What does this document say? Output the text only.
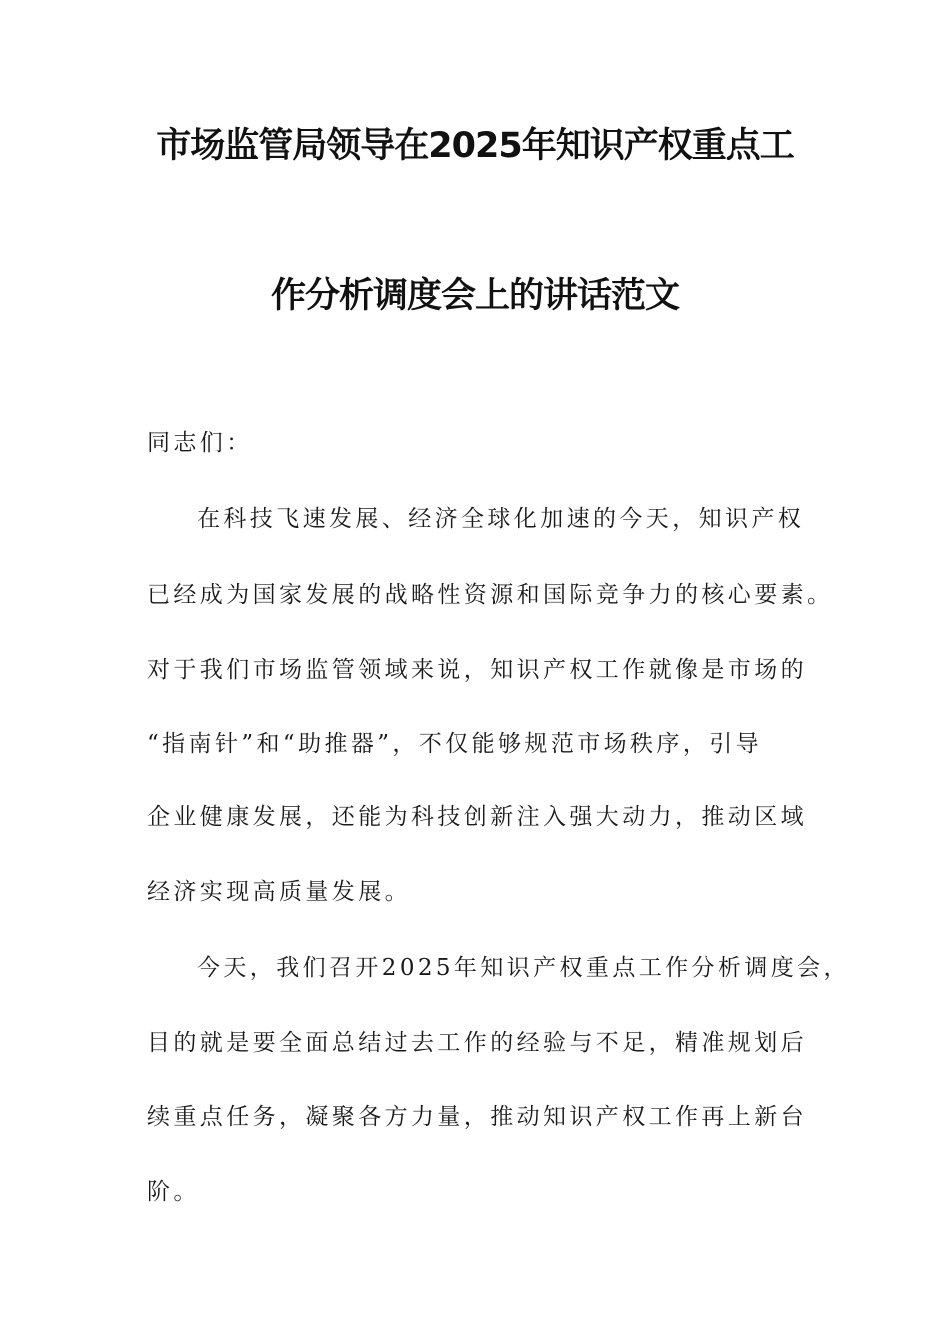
市场监管局领导在2025年知识产权重点工
作分析调度会上的讲话范文
同志们：
在科技飞速发展、经济全球化加速的今天，知识产权
已经成为国家发展的战略性资源和国际竞争力的核心要素。
对于我们市场监管领域来说，知识产权工作就像是市场的
“指南针”和“助推器”，不仅能够规范市场秩序，引导
企业健康发展，还能为科技创新注入强大动力，推动区域
经济实现高质量发展。
今天，我们召开2025年知识产权重点工作分析调度会，
目的就是要全面总结过去工作的经验与不足，精准规划后
续重点任务，凝聚各方力量，推动知识产权工作再上新台
阶。
